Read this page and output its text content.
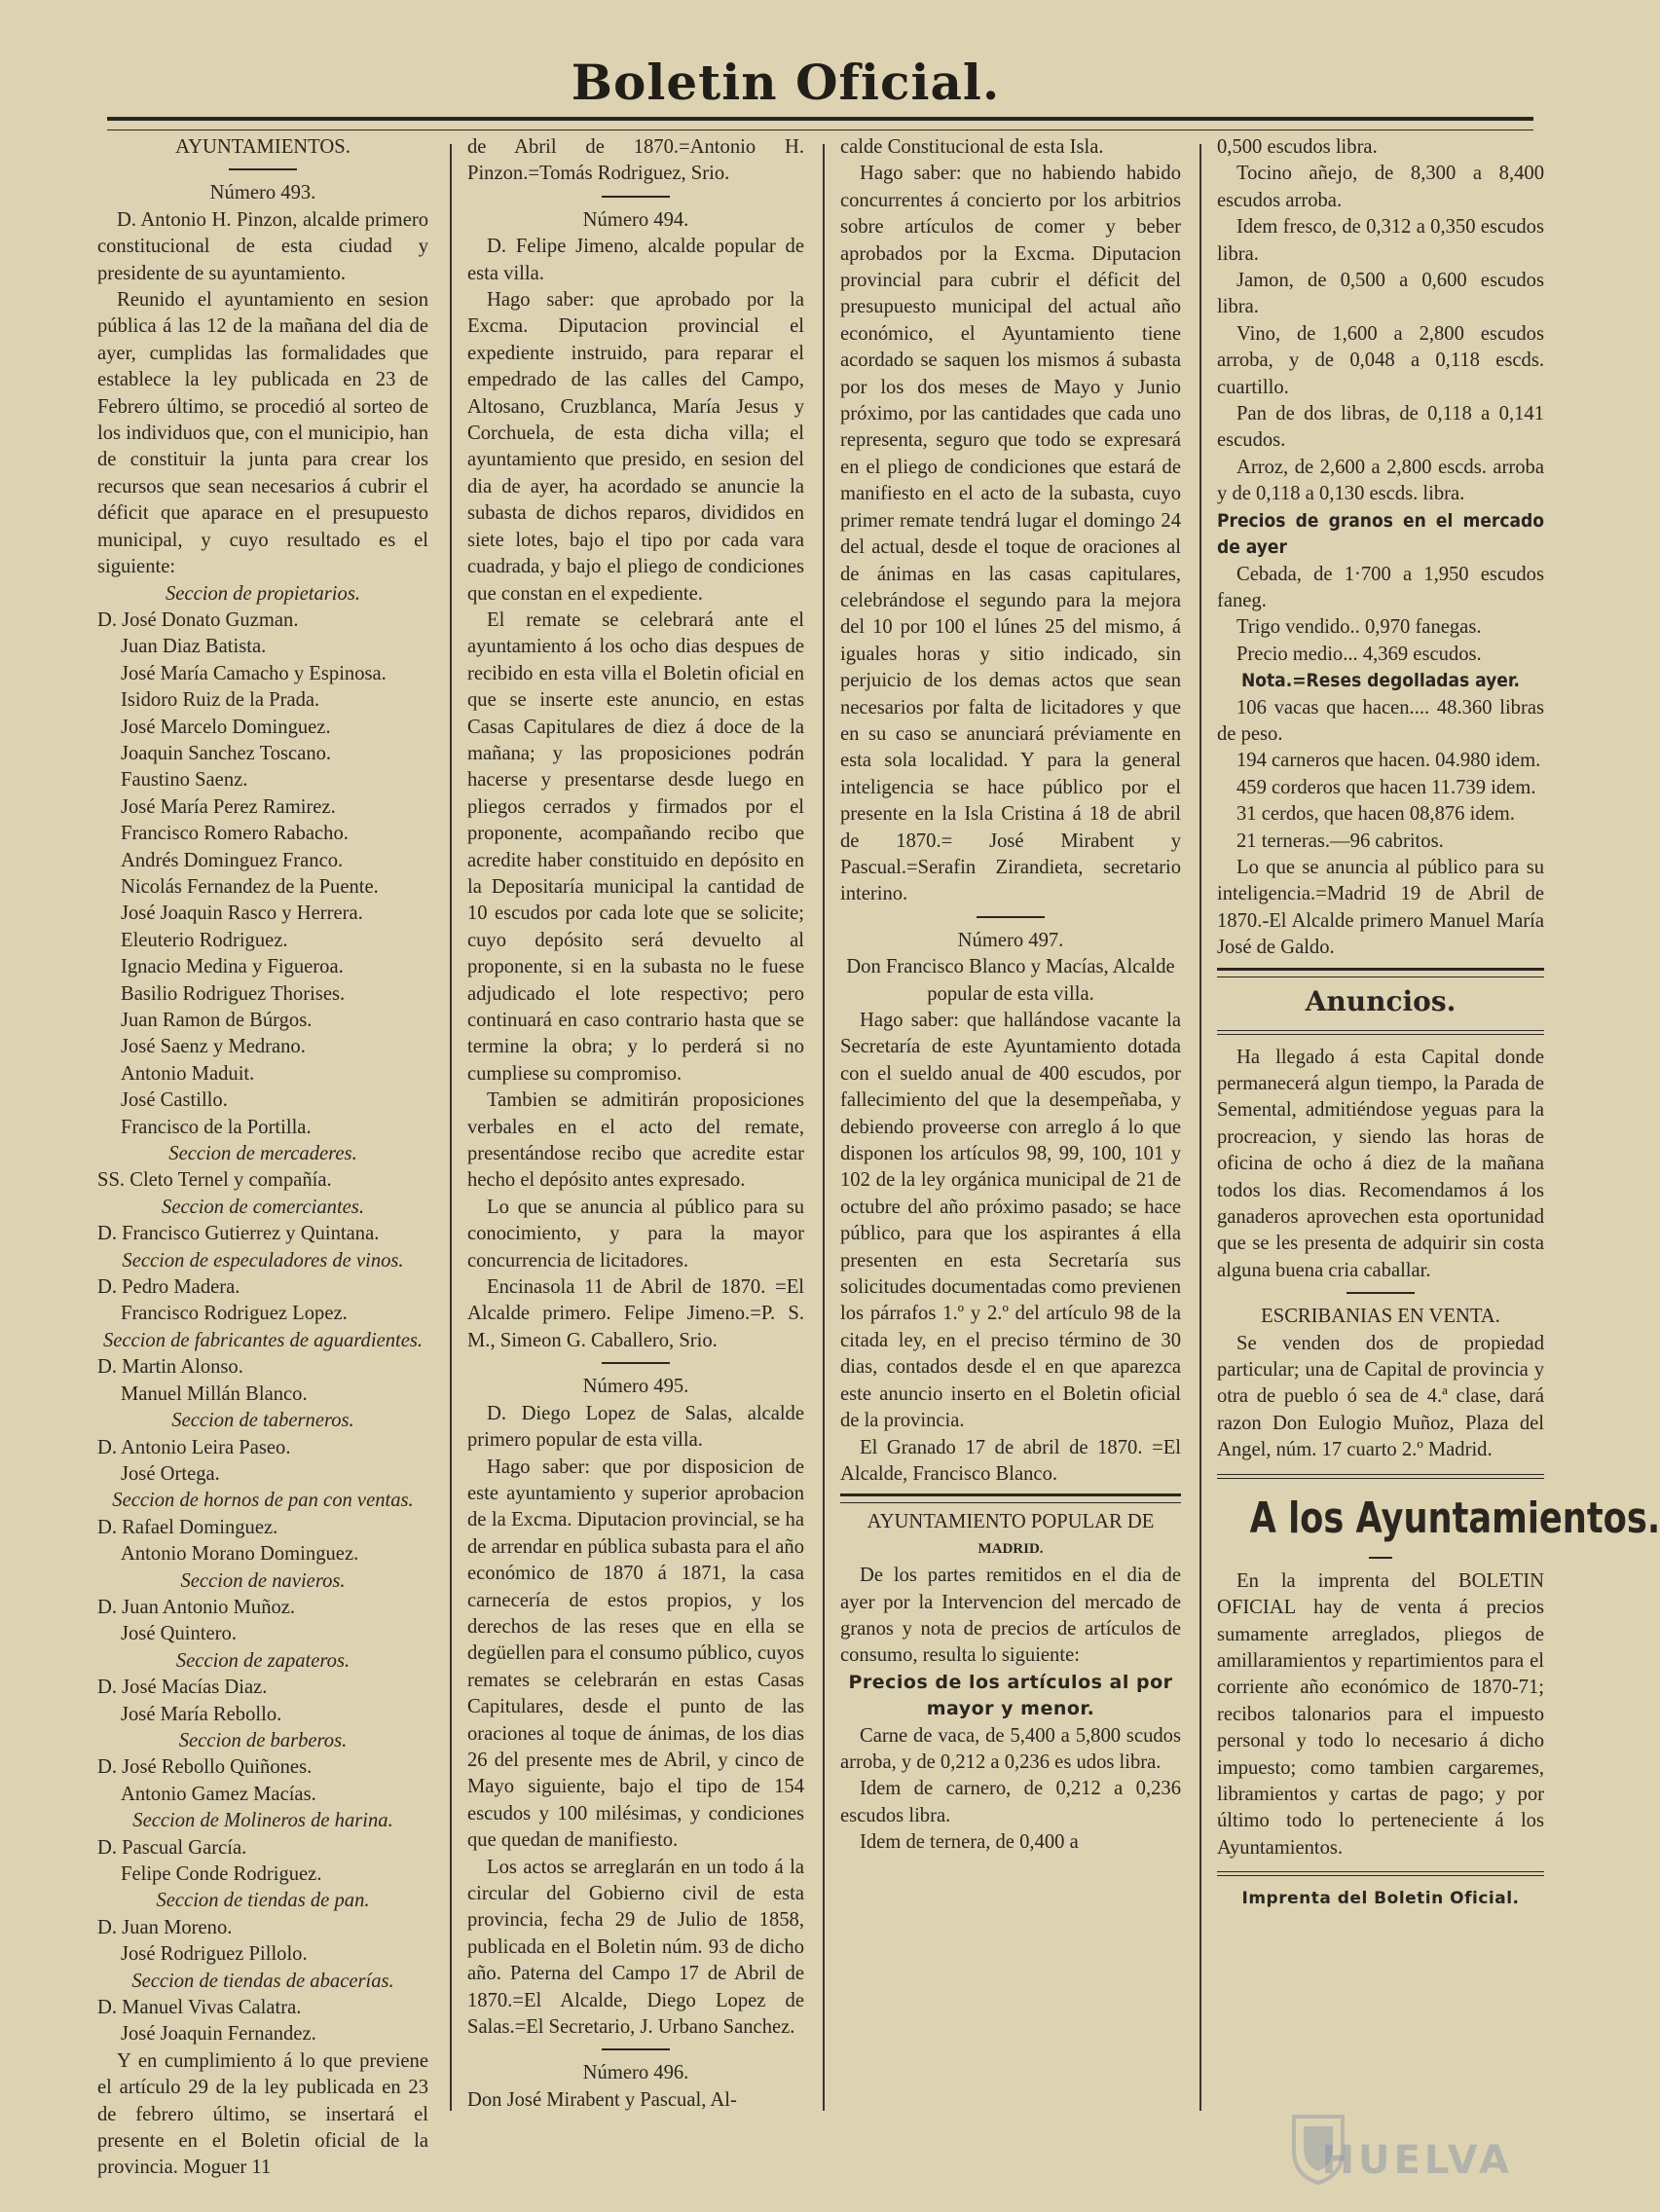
Boletin Oficial.

AYUNTAMIENTOS.

Número 493.

D. Antonio H. Pinzon, alcalde primero constitucional de esta ciudad y presidente de su ayuntamiento.

Reunido el ayuntamiento en sesion pública á las 12 de la mañana del dia de ayer, cumplidas las formalidades que establece la ley publicada en 23 de Febrero último, se procedió al sorteo de los individuos que, con el municipio, han de constituir la junta para crear los recursos que sean necesarios á cubrir el déficit que aparace en el presupuesto municipal, y cuyo resultado es el siguiente:

Seccion de propietarios.

D. José Donato Guzman.

Juan Diaz Batista.

José María Camacho y Espinosa.

Isidoro Ruiz de la Prada.

José Marcelo Dominguez.

Joaquin Sanchez Toscano.

Faustino Saenz.

José María Perez Ramirez.

Francisco Romero Rabacho.

Andrés Dominguez Franco.

Nicolás Fernandez de la Puente.

José Joaquin Rasco y Herrera.

Eleuterio Rodriguez.

Ignacio Medina y Figueroa.

Basilio Rodriguez Thorises.

Juan Ramon de Búrgos.

José Saenz y Medrano.

Antonio Maduit.

José Castillo.

Francisco de la Portilla.

Seccion de mercaderes.

SS. Cleto Ternel y compañía.

Seccion de comerciantes.

D. Francisco Gutierrez y Quintana.

Seccion de especuladores de vinos.

D. Pedro Madera.

Francisco Rodriguez Lopez.

Seccion de fabricantes de aguardientes.

D. Martin Alonso.

Manuel Millán Blanco.

Seccion de taberneros.

D. Antonio Leira Paseo.

José Ortega.

Seccion de hornos de pan con ventas.

D. Rafael Dominguez.

Antonio Morano Dominguez.

Seccion de navieros.

D. Juan Antonio Muñoz.

José Quintero.

Seccion de zapateros.

D. José Macías Diaz.

José María Rebollo.

Seccion de barberos.

D. José Rebollo Quiñones.

Antonio Gamez Macías.

Seccion de Molineros de harina.

D. Pascual García.

Felipe Conde Rodriguez.

Seccion de tiendas de pan.

D. Juan Moreno.

José Rodriguez Pillolo.

Seccion de tiendas de abacerías.

D. Manuel Vivas Calatra.

José Joaquin Fernandez.

Y en cumplimiento á lo que previene el artículo 29 de la ley publicada en 23 de febrero último, se insertará el presente en el Boletin oficial de la provincia. Moguer 11

de Abril de 1870.=Antonio H. Pinzon.=Tomás Rodriguez, Srio.

Número 494.

D. Felipe Jimeno, alcalde popular de esta villa.

Hago saber: que aprobado por la Excma. Diputacion provincial el expediente instruido, para reparar el empedrado de las calles del Campo, Altosano, Cruzblanca, María Jesus y Corchuela, de esta dicha villa; el ayuntamiento que presido, en sesion del dia de ayer, ha acordado se anuncie la subasta de dichos reparos, divididos en siete lotes, bajo el tipo por cada vara cuadrada, y bajo el pliego de condiciones que constan en el expediente.

El remate se celebrará ante el ayuntamiento á los ocho dias despues de recibido en esta villa el Boletin oficial en que se inserte este anuncio, en estas Casas Capitulares de diez á doce de la mañana; y las proposiciones podrán hacerse y presentarse desde luego en pliegos cerrados y firmados por el proponente, acompañando recibo que acredite haber constituido en depósito en la Depositaría municipal la cantidad de 10 escudos por cada lote que se solicite; cuyo depósito será devuelto al proponente, si en la subasta no le fuese adjudicado el lote respectivo; pero continuará en caso contrario hasta que se termine la obra; y lo perderá si no cumpliese su compromiso.

Tambien se admitirán proposiciones verbales en el acto del remate, presentándose recibo que acredite estar hecho el depósito antes expresado.

Lo que se anuncia al público para su conocimiento, y para la mayor concurrencia de licitadores.

Encinasola 11 de Abril de 1870. =El Alcalde primero. Felipe Jimeno.=P. S. M., Simeon G. Caballero, Srio.

Número 495.

D. Diego Lopez de Salas, alcalde primero popular de esta villa.

Hago saber: que por disposicion de este ayuntamiento y superior aprobacion de la Excma. Diputacion provincial, se ha de arrendar en pública subasta para el año económico de 1870 á 1871, la casa carnecería de estos propios, y los derechos de las reses que en ella se degüellen para el consumo público, cuyos remates se celebrarán en estas Casas Capitulares, desde el punto de las oraciones al toque de ánimas, de los dias 26 del presente mes de Abril, y cinco de Mayo siguiente, bajo el tipo de 154 escudos y 100 milésimas, y condiciones que quedan de manifiesto.

Los actos se arreglarán en un todo á la circular del Gobierno civil de esta provincia, fecha 29 de Julio de 1858, publicada en el Boletin núm. 93 de dicho año. Paterna del Campo 17 de Abril de 1870.=El Alcalde, Diego Lopez de Salas.=El Secretario, J. Urbano Sanchez.

Número 496.

Don José Mirabent y Pascual, Al-

calde Constitucional de esta Isla.

Hago saber: que no habiendo habido concurrentes á concierto por los arbitrios sobre artículos de comer y beber aprobados por la Excma. Diputacion provincial para cubrir el déficit del presupuesto municipal del actual año económico, el Ayuntamiento tiene acordado se saquen los mismos á subasta por los dos meses de Mayo y Junio próximo, por las cantidades que cada uno representa, seguro que todo se expresará en el pliego de condiciones que estará de manifiesto en el acto de la subasta, cuyo primer remate tendrá lugar el domingo 24 del actual, desde el toque de oraciones al de ánimas en las casas capitulares, celebrándose el segundo para la mejora del 10 por 100 el lúnes 25 del mismo, á iguales horas y sitio indicado, sin perjuicio de los demas actos que sean necesarios por falta de licitadores y que en su caso se anunciará préviamente en esta sola localidad. Y para la general inteligencia se hace público por el presente en la Isla Cristina á 18 de abril de 1870.= José Mirabent y Pascual.=Serafin Zirandieta, secretario interino.

Número 497.

Don Francisco Blanco y Macías, Alcalde popular de esta villa.

Hago saber: que hallándose vacante la Secretaría de este Ayuntamiento dotada con el sueldo anual de 400 escudos, por fallecimiento del que la desempeñaba, y debiendo proveerse con arreglo á lo que disponen los artículos 98, 99, 100, 101 y 102 de la ley orgánica municipal de 21 de octubre del año próximo pasado; se hace público, para que los aspirantes á ella presenten en esta Secretaría sus solicitudes documentadas como previenen los párrafos 1.º y 2.º del artículo 98 de la citada ley, en el preciso término de 30 dias, contados desde el en que aparezca este anuncio inserto en el Boletin oficial de la provincia.

El Granado 17 de abril de 1870. =El Alcalde, Francisco Blanco.

AYUNTAMIENTO POPULAR DE

MADRID.

De los partes remitidos en el dia de ayer por la Intervencion del mercado de granos y nota de precios de artículos de consumo, resulta lo siguiente:

Precios de los artículos al por mayor y menor.

Carne de vaca, de 5,400 a 5,800 scudos arroba, y de 0,212 a 0,236 es udos libra.

Idem de carnero, de 0,212 a 0,236 escudos libra.

Idem de ternera, de 0,400 a

0,500 escudos libra.

Tocino añejo, de 8,300 a 8,400 escudos arroba.

Idem fresco, de 0,312 a 0,350 escudos libra.

Jamon, de 0,500 a 0,600 escudos libra.

Vino, de 1,600 a 2,800 escudos arroba, y de 0,048 a 0,118 escds. cuartillo.

Pan de dos libras, de 0,118 a 0,141 escudos.

Arroz, de 2,600 a 2,800 escds. arroba y de 0,118 a 0,130 escds. libra.

Precios de granos en el mercado de ayer

Cebada, de 1·700 a 1,950 escudos faneg.

Trigo vendido.. 0,970 fanegas.

Precio medio... 4,369 escudos.

Nota.=Reses degolladas ayer.

106 vacas que hacen.... 48.360 libras de peso.

194 carneros que hacen. 04.980 idem.

459 corderos que hacen 11.739 idem.

31 cerdos, que hacen 08,876 idem.

21 terneras.—96 cabritos.

Lo que se anuncia al público para su inteligencia.=Madrid 19 de Abril de 1870.-El Alcalde primero Manuel María José de Galdo.

Anuncios.

Ha llegado á esta Capital donde permanecerá algun tiempo, la Parada de Semental, admitiéndose yeguas para la procreacion, y siendo las horas de oficina de ocho á diez de la mañana todos los dias. Recomendamos á los ganaderos aprovechen esta oportunidad que se les presenta de adquirir sin costa alguna buena cria caballar.

ESCRIBANIAS EN VENTA.

Se venden dos de propiedad particular; una de Capital de provincia y otra de pueblo ó sea de 4.ª clase, dará razon Don Eulogio Muñoz, Plaza del Angel, núm. 17 cuarto 2.º Madrid.

A los Ayuntamientos.

En la imprenta del BOLETIN OFICIAL hay de venta á precios sumamente arreglados, pliegos de amillaramientos y repartimientos para el corriente año económico de 1870-71; recibos talonarios para el impuesto personal y todo lo necesario á dicho impuesto; como tambien cargaremes, libramientos y cartas de pago; y por último todo lo perteneciente á los Ayuntamientos.

Imprenta del Boletin Oficial.

HUELVA
